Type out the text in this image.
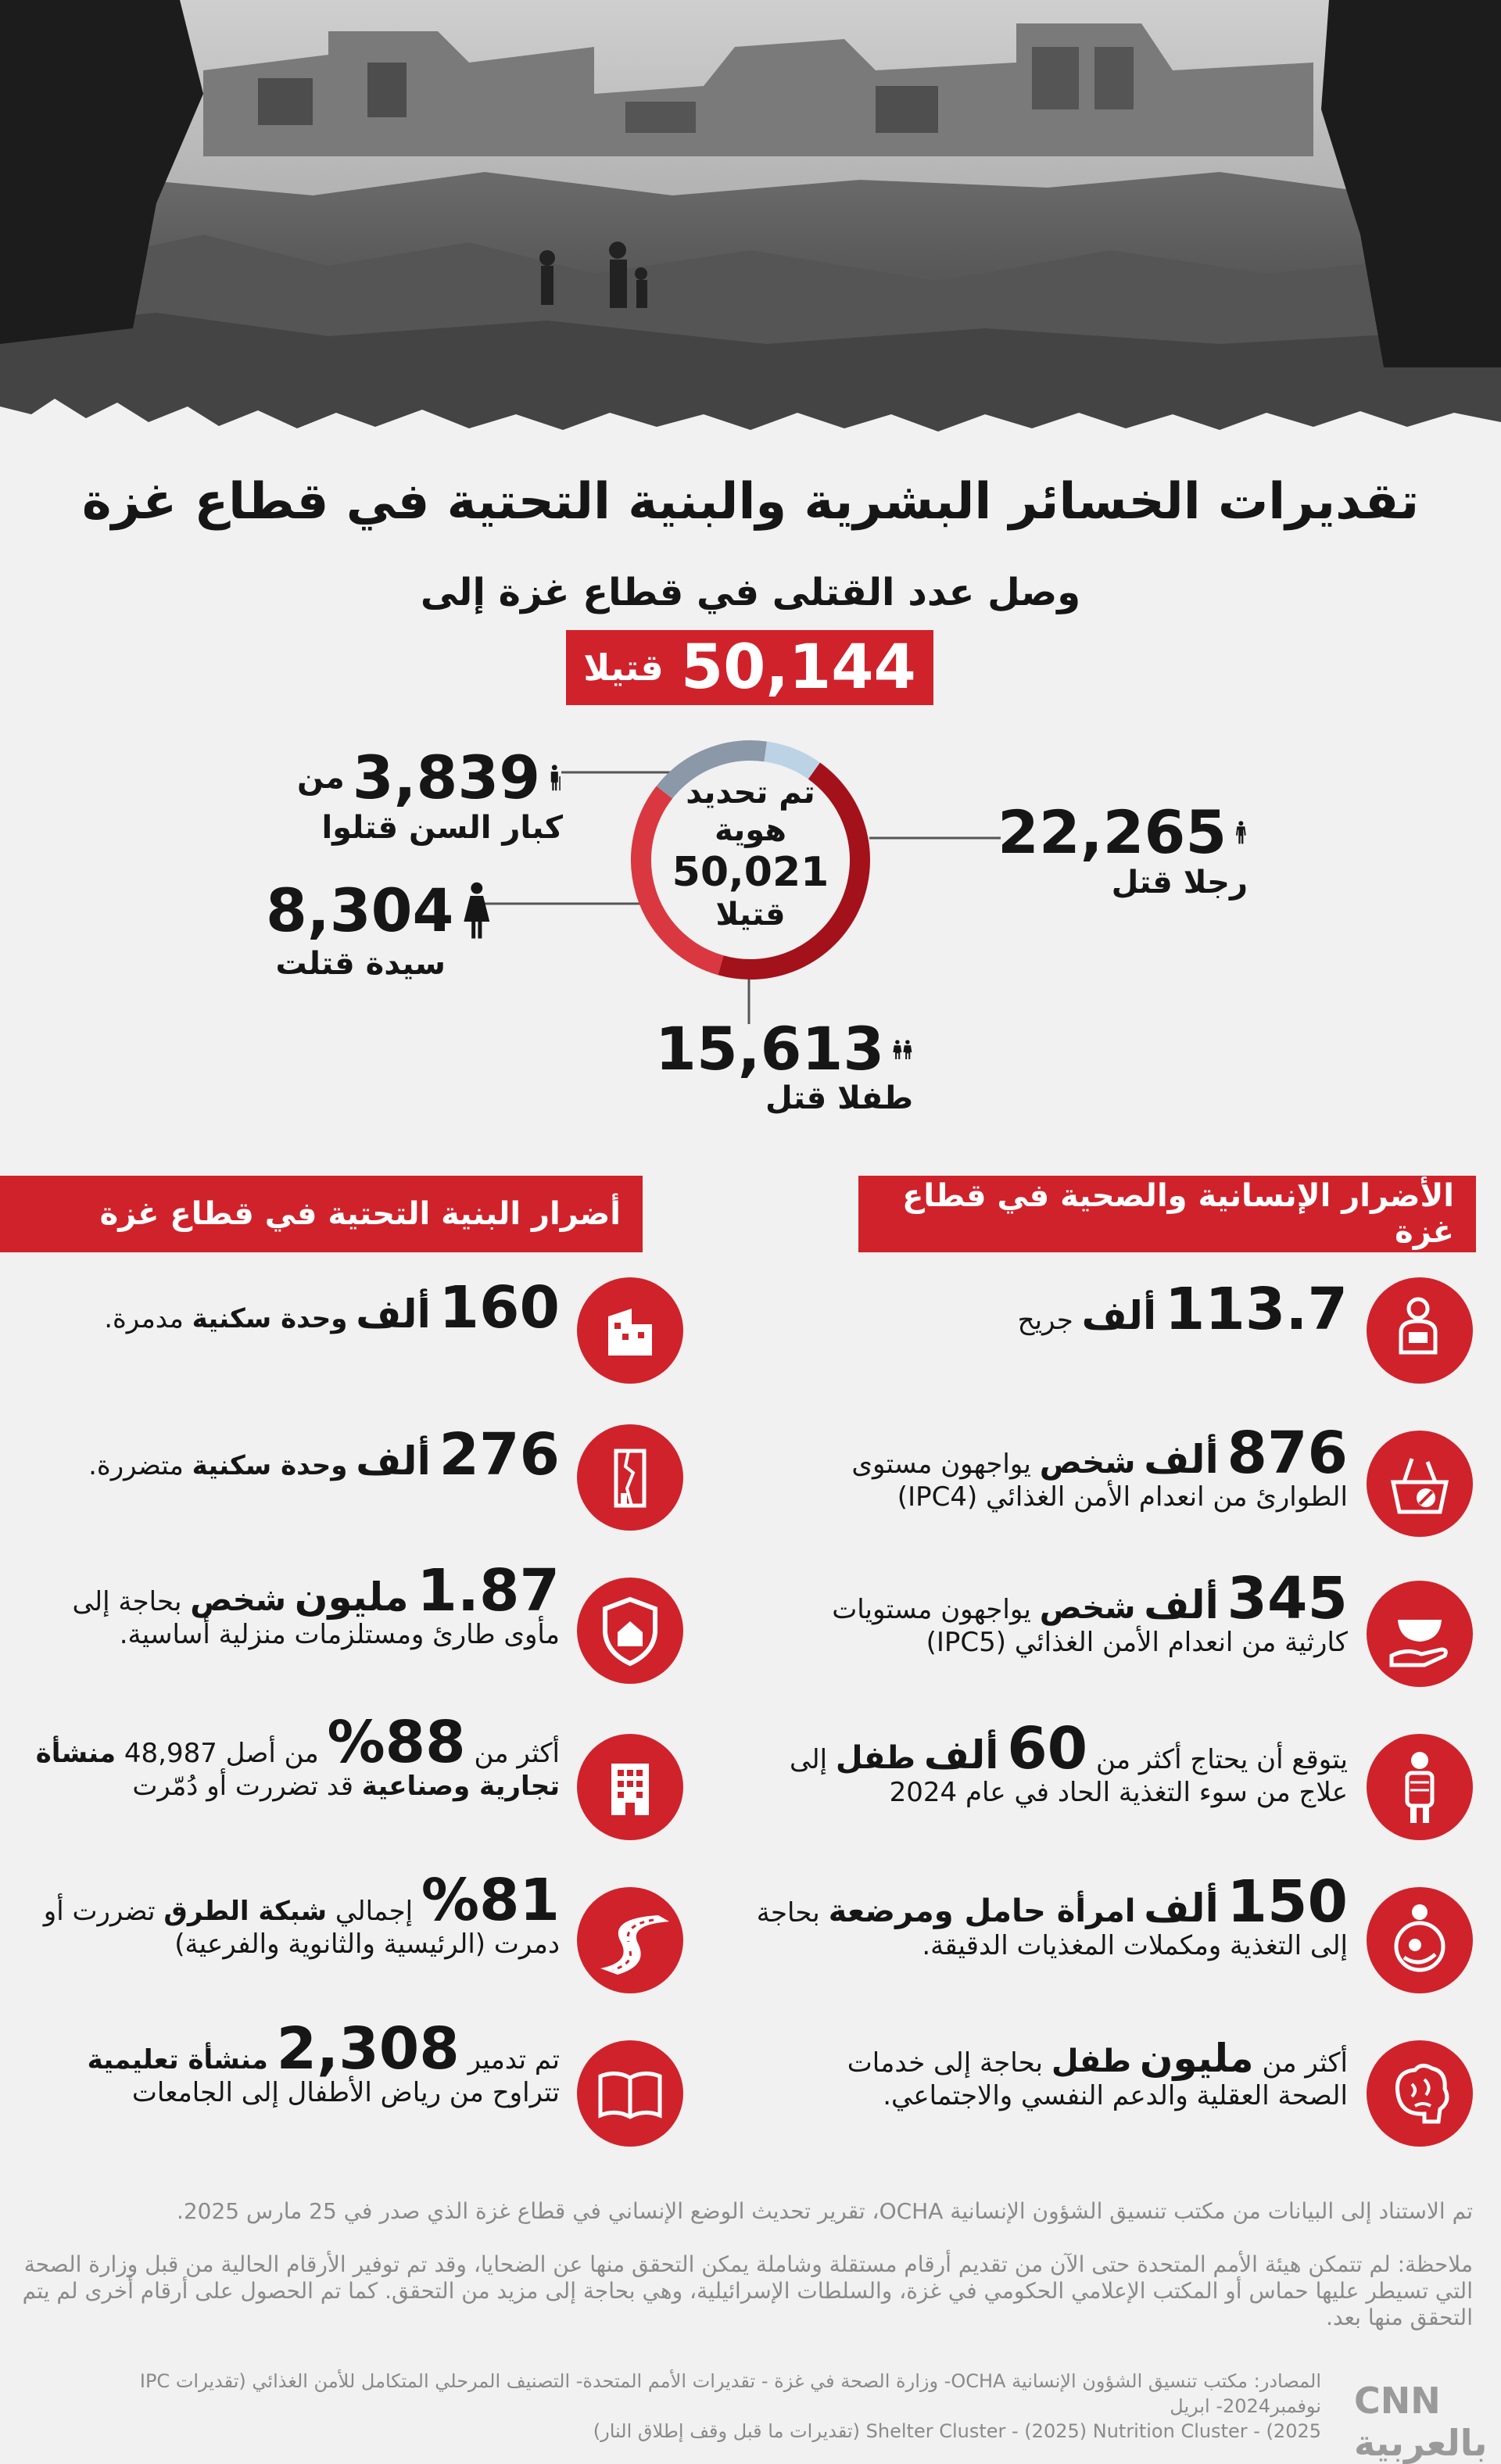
تقديرات الخسائر البشرية والبنية التحتية في قطاع غزة
وصل عدد القتلى في قطاع غزة إلى
50,144
قتيلا
تم تحديد
هوية
50,021
قتيلا
من 3,839
كبار السن قتلوا
8,304
سيدة قتلت
22,265
رجلا قتل
15,613
طفلا قتل
الأضرار الإنسانية والصحية في قطاع غزة
أضرار البنية التحتية في قطاع غزة
113.7 ألف جريح
876 ألف شخص يواجهون مستوى
الطوارئ من انعدام الأمن الغذائي (IPC4)
345 ألف شخص يواجهون مستويات
كارثية من انعدام الأمن الغذائي (IPC5)
يتوقع أن يحتاج أكثر من 60 ألف طفل إلى
علاج من سوء التغذية الحاد في عام 2024
150 ألف امرأة حامل ومرضعة بحاجة
إلى التغذية ومكملات المغذيات الدقيقة.
أكثر من مليون طفل بحاجة إلى خدمات
الصحة العقلية والدعم النفسي والاجتماعي.
160 ألف وحدة سكنية مدمرة.
276 ألف وحدة سكنية متضررة.
1.87 مليون شخص بحاجة إلى
مأوى طارئ ومستلزمات منزلية أساسية.
أكثر من 88% من أصل 48,987 منشأة
تجارية وصناعية قد تضررت أو دُمّرت
%81 إجمالي شبكة الطرق تضررت أو
دمرت (الرئيسية والثانوية والفرعية)
تم تدمير 2,308 منشأة تعليمية
تتراوح من رياض الأطفال إلى الجامعات
تم الاستناد إلى البيانات من مكتب تنسيق الشؤون الإنسانية OCHA، تقرير تحديث الوضع الإنساني في قطاع غزة الذي صدر في 25 مارس 2025.
ملاحظة: لم تتمكن هيئة الأمم المتحدة حتى الآن من تقديم أرقام مستقلة وشاملة يمكن التحقق منها عن الضحايا، وقد تم توفير الأرقام الحالية من قبل وزارة الصحة التي تسيطر عليها حماس أو المكتب الإعلامي الحكومي في غزة، والسلطات الإسرائيلية، وهي بحاجة إلى مزيد من التحقق. كما تم الحصول على أرقام أخرى لم يتم التحقق منها بعد.
المصادر: مكتب تنسيق الشؤون الإنسانية OCHA- وزارة الصحة في غزة - تقديرات الأمم المتحدة- التصنيف المرحلي المتكامل للأمن الغذائي (تقديرات IPC نوفمبر2024- ابريل
2025) - Shelter Cluster - (2025) Nutrition Cluster (تقديرات ما قبل وقف إطلاق النار)
CNN بالعربية
